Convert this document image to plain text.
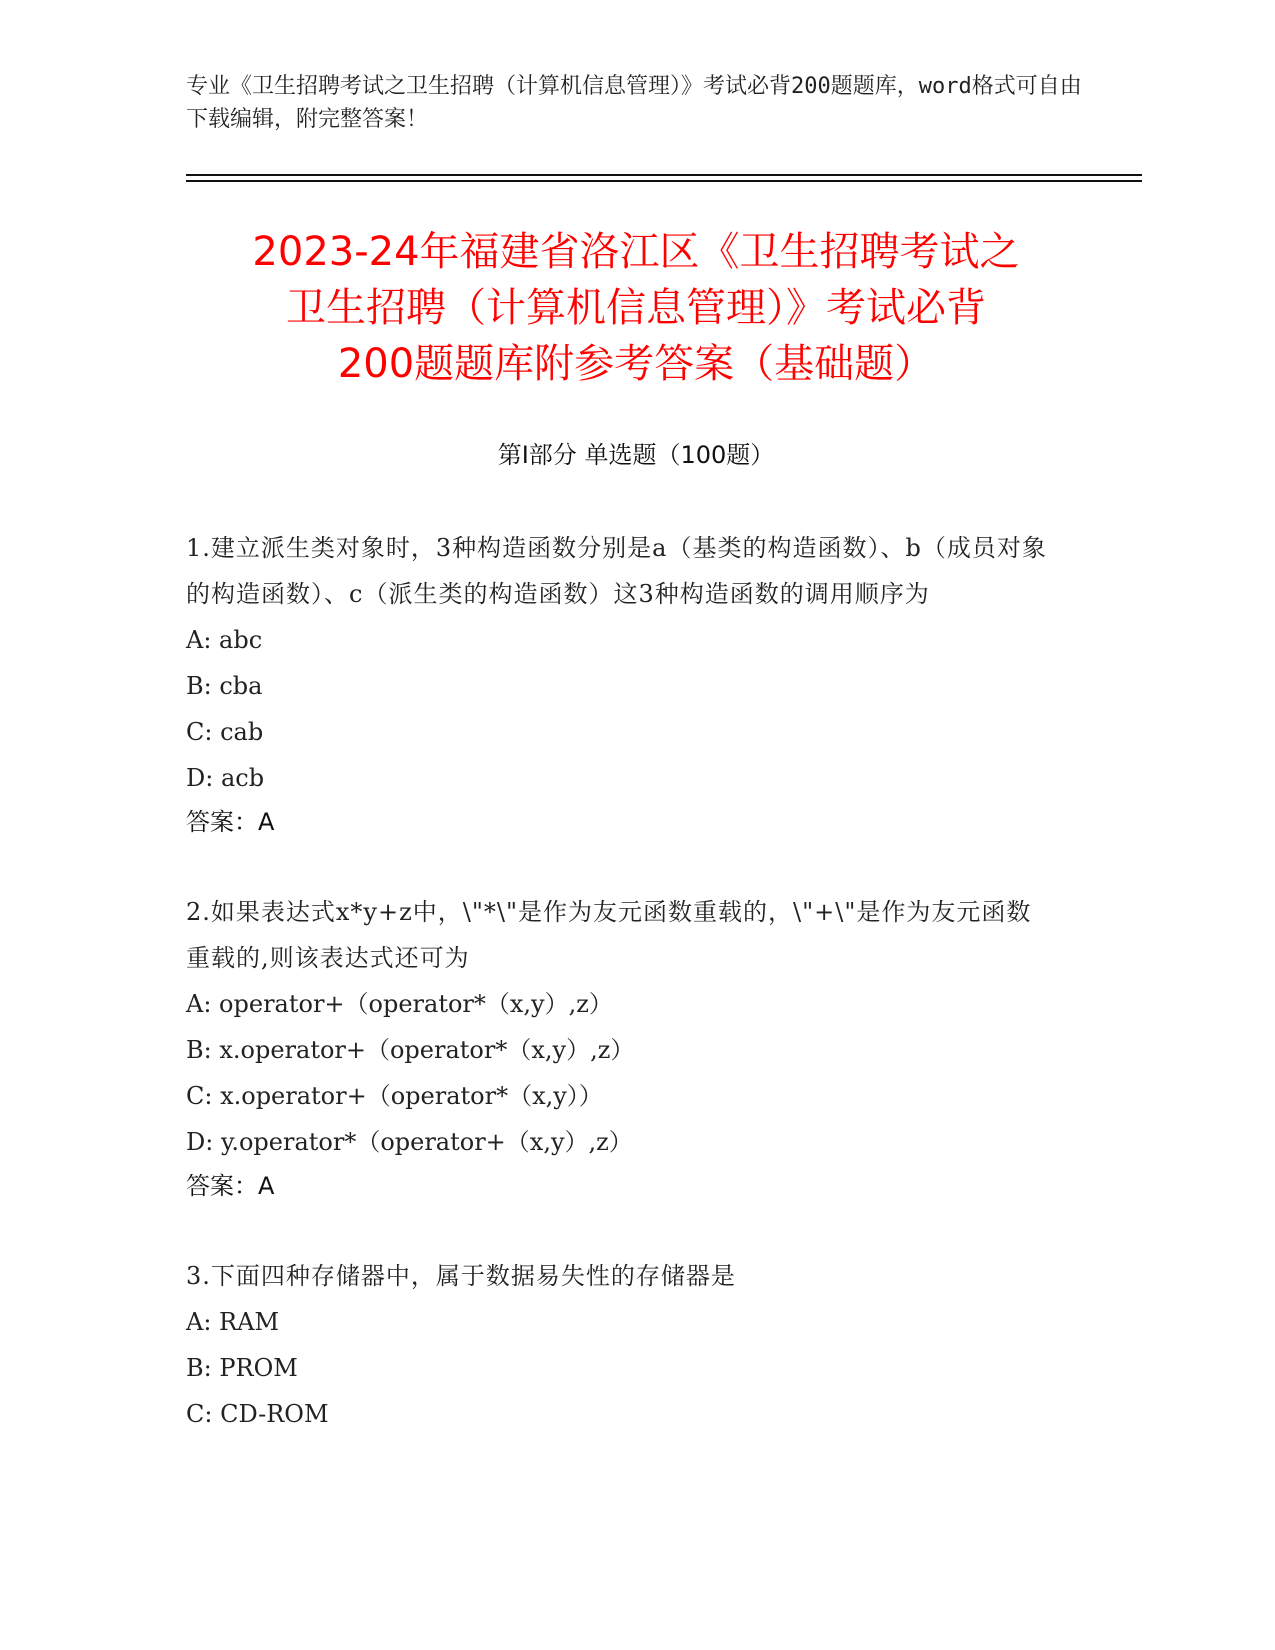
专业《卫生招聘考试之卫生招聘（计算机信息管理）》考试必背200题题库，word格式可自由下载编辑，附完整答案！
2023-24年福建省洛江区《卫生招聘考试之
卫生招聘（计算机信息管理）》考试必背
200题题库附参考答案（基础题）
第Ⅰ部分 单选题（100题）
1.建立派生类对象时，3种构造函数分别是a（基类的构造函数）、b（成员对象的构造函数）、c（派生类的构造函数）这3种构造函数的调用顺序为
A: abc
B: cba
C: cab
D: acb
答案：A
2.如果表达式x*y+z中，\"*\"是作为友元函数重载的，\"+\"是作为友元函数重载的,则该表达式还可为
A: operator+（operator*（x,y）,z）
B: x.operator+（operator*（x,y）,z）
C: x.operator+（operator*（x,y））
D: y.operator*（operator+（x,y）,z）
答案：A
3.下面四种存储器中，属于数据易失性的存储器是
A: RAM
B: PROM
C: CD-ROM
